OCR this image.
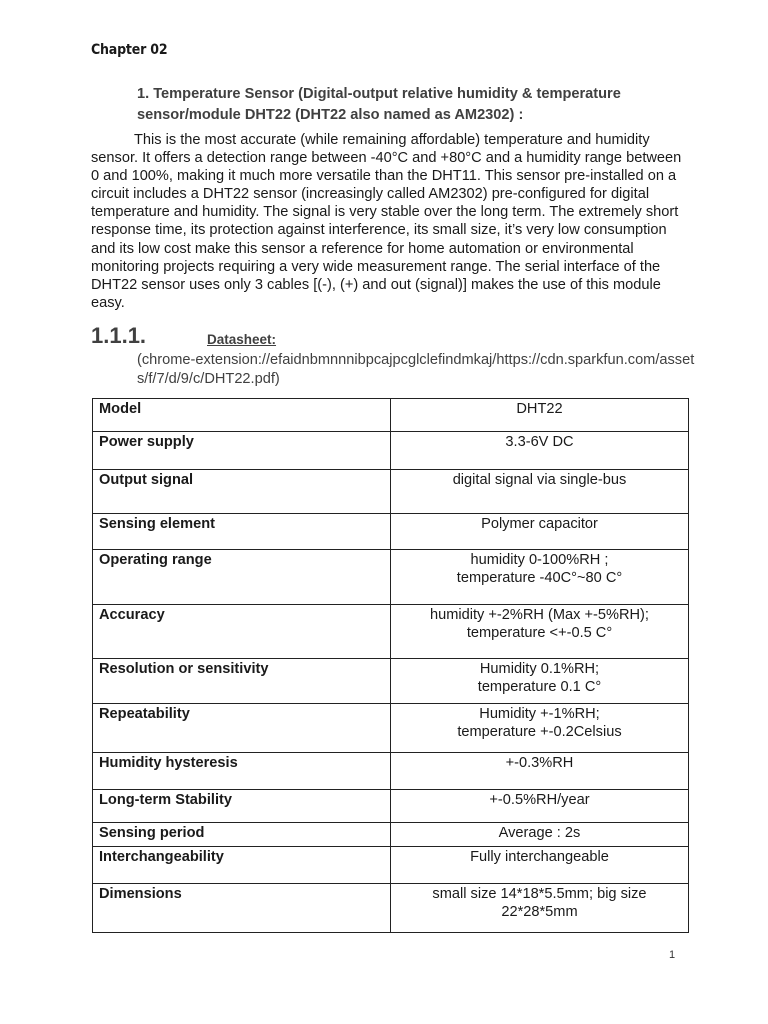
Chapter 02
1. Temperature Sensor (Digital-output relative humidity & temperature sensor/module DHT22 (DHT22 also named as AM2302) :
This is the most accurate (while remaining affordable) temperature and humidity sensor. It offers a detection range between -40°C and +80°C and a humidity range between 0 and 100%, making it much more versatile than the DHT11. This sensor pre-installed on a circuit includes a DHT22 sensor (increasingly called AM2302) pre-configured for digital temperature and humidity. The signal is very stable over the long term. The extremely short response time, its protection against interference, its small size, it’s very low consumption and its low cost make this sensor a reference for home automation or environmental monitoring projects requiring a very wide measurement range. The serial interface of the DHT22 sensor uses only 3 cables [(-), (+) and out (signal)] makes the use of this module easy.
1.1.1.	Datasheet:
(chrome-extension://efaidnbmnnnibpcajpcglclefindmkaj/https://cdn.sparkfun.com/assets/f/7/d/9/c/DHT22.pdf)
Model	DHT22
Power supply	3.3-6V DC
Output signal	digital signal via single-bus
Sensing element	Polymer capacitor
Operating range	humidity 0-100%RH ;
temperature -40C°~80 C°

Accuracy	humidity +-2%RH (Max +-5%RH);
temperature <+-0.5 C°

Resolution or sensitivity	Humidity 0.1%RH;
temperature 0.1 C°

Repeatability	Humidity +-1%RH;
temperature +-0.2Celsius

Humidity hysteresis	+-0.3%RH
Long-term Stability	+-0.5%RH/year
Sensing period	Average : 2s
Interchangeability	Fully interchangeable
Dimensions	small size 14*18*5.5mm; big size
22*28*5mm
1
